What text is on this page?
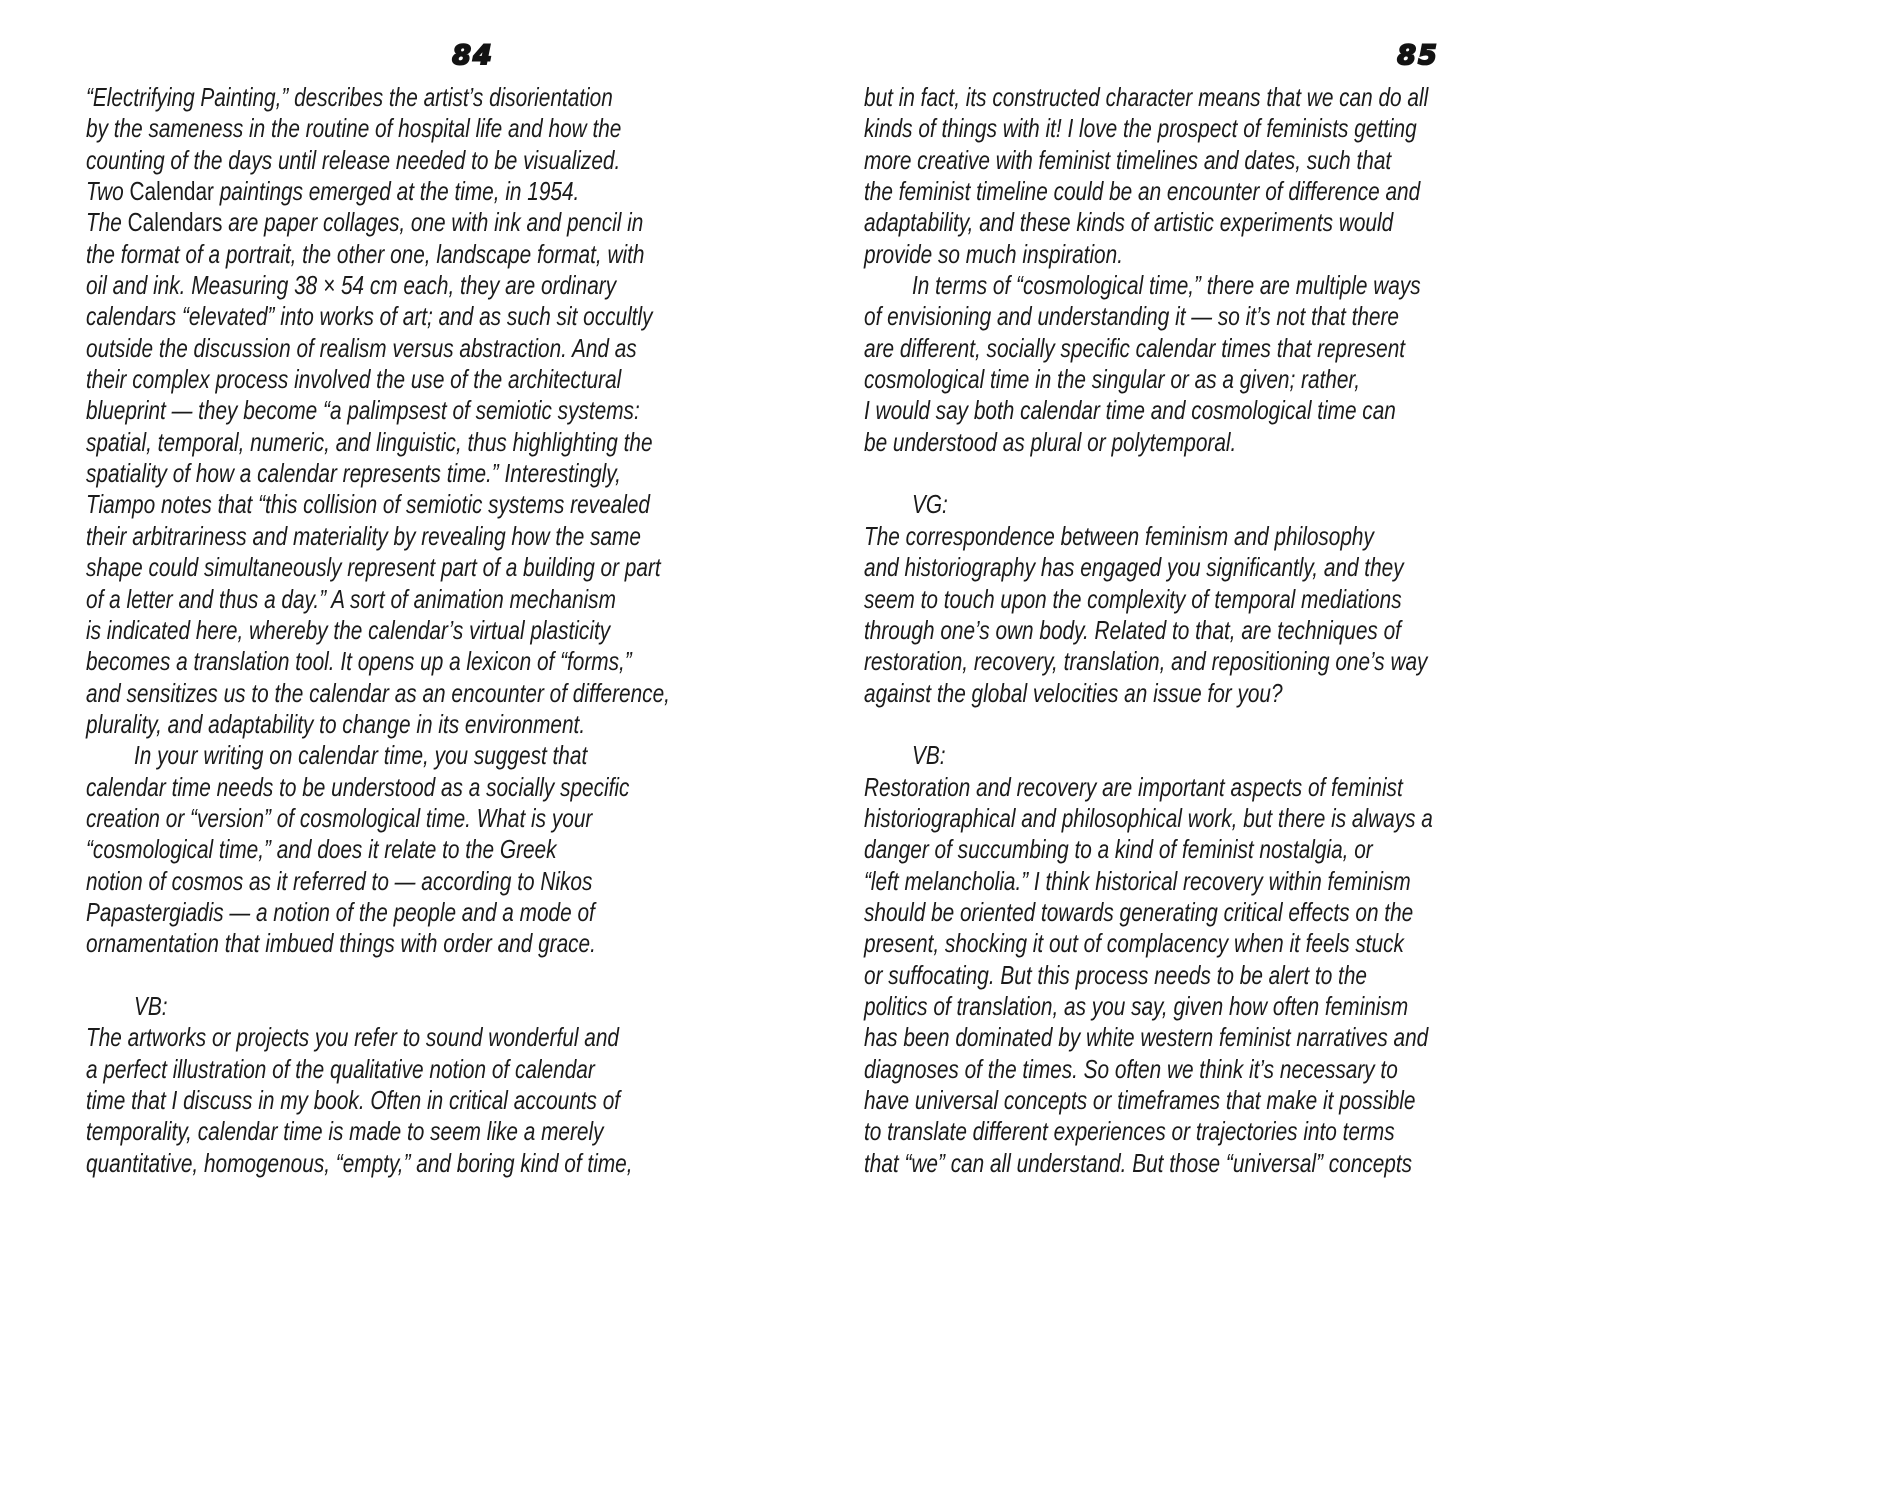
84
“Electrifying Painting,” describes the artist’s disorientation
by the sameness in the routine of hospital life and how the
counting of the days until release needed to be visualized.
Two Calendar paintings emerged at the time, in 1954.
The Calendars are paper collages, one with ink and pencil in
the format of a portrait, the other one, landscape format, with
oil and ink. Measuring 38 × 54 cm each, they are ordinary
calendars “elevated” into works of art; and as such sit occultly
outside the discussion of realism versus abstraction. And as
their complex process involved the use of the architectural
blueprint — they become “a palimpsest of semiotic systems:
spatial, temporal, numeric, and linguistic, thus highlighting the
spatiality of how a calendar represents time.” Interestingly,
Tiampo notes that “this collision of semiotic systems revealed
their arbitrariness and materiality by revealing how the same
shape could simultaneously represent part of a building or part
of a letter and thus a day.” A sort of animation mechanism
is indicated here, whereby the calendar’s virtual plasticity
becomes a translation tool. It opens up a lexicon of “forms,”
and sensitizes us to the calendar as an encounter of difference,
plurality, and adaptability to change in its environment.
In your writing on calendar time, you suggest that
calendar time needs to be understood as a socially specific
creation or “version” of cosmological time. What is your
“cosmological time,” and does it relate to the Greek
notion of cosmos as it referred to — according to Nikos
Papastergiadis — a notion of the people and a mode of
ornamentation that imbued things with order and grace.

VB:
The artworks or projects you refer to sound wonderful and
a perfect illustration of the qualitative notion of calendar
time that I discuss in my book. Often in critical accounts of
temporality, calendar time is made to seem like a merely
quantitative, homogenous, “empty,” and boring kind of time,
85
but in fact, its constructed character means that we can do all
kinds of things with it! I love the prospect of feminists getting
more creative with feminist timelines and dates, such that
the feminist timeline could be an encounter of difference and
adaptability, and these kinds of artistic experiments would
provide so much inspiration.
In terms of “cosmological time,” there are multiple ways
of envisioning and understanding it — so it’s not that there
are different, socially specific calendar times that represent
cosmological time in the singular or as a given; rather,
I would say both calendar time and cosmological time can
be understood as plural or polytemporal.

VG:
The correspondence between feminism and philosophy
and historiography has engaged you significantly, and they
seem to touch upon the complexity of temporal mediations
through one’s own body. Related to that, are techniques of
restoration, recovery, translation, and repositioning one’s way
against the global velocities an issue for you?

VB:
Restoration and recovery are important aspects of feminist
historiographical and philosophical work, but there is always a
danger of succumbing to a kind of feminist nostalgia, or
“left melancholia.” I think historical recovery within feminism
should be oriented towards generating critical effects on the
present, shocking it out of complacency when it feels stuck
or suffocating. But this process needs to be alert to the
politics of translation, as you say, given how often feminism
has been dominated by white western feminist narratives and
diagnoses of the times. So often we think it’s necessary to
have universal concepts or timeframes that make it possible
to translate different experiences or trajectories into terms
that “we” can all understand. But those “universal” concepts
